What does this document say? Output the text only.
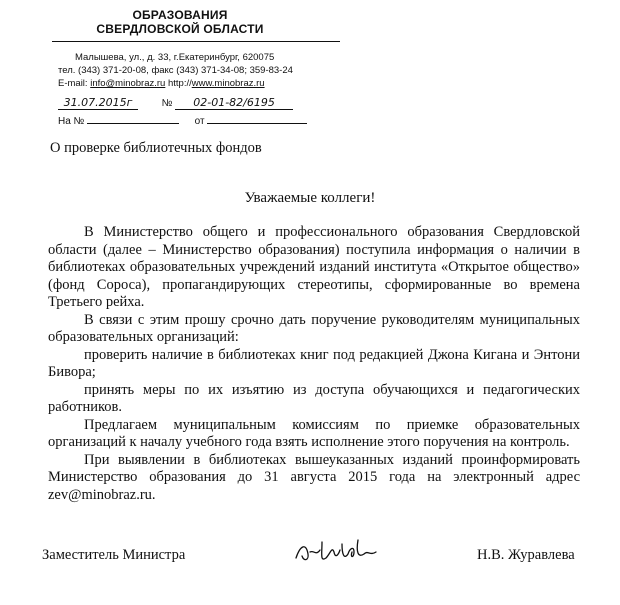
ОБРАЗОВАНИЯ
СВЕРДЛОВСКОЙ ОБЛАСТИ
Малышева, ул., д. 33, г.Екатеринбург, 620075
тел. (343) 371-20-08, факс (343) 371-34-08; 359-83-24
E-mail: info@minobraz.ru http://www.minobraz.ru
31.07.2015г	№ 02-01-82/6195
На №	от
О проверке библиотечных фондов
Уважаемые коллеги!

В Министерство общего и профессионального образования Свердловской области (далее – Министерство образования) поступила информация о наличии в библиотеках образовательных учреждений изданий института «Открытое общество» (фонд Сороса), пропагандирующих стереотипы, сформированные во времена Третьего рейха.

В связи с этим прошу срочно дать поручение руководителям муниципальных образовательных организаций:

проверить наличие в библиотеках книг под редакцией Джона Кигана и Энтони Бивора;

принять меры по их изъятию из доступа обучающихся и педагогических работников.

Предлагаем муниципальным комиссиям по приемке образовательных организаций к началу учебного года взять исполнение этого поручения на контроль.

При выявлении в библиотеках вышеуказанных изданий проинформировать Министерство образования до 31 августа 2015 года на электронный адрес zev@minobraz.ru.

Заместитель Министра	Н.В. Журавлева
